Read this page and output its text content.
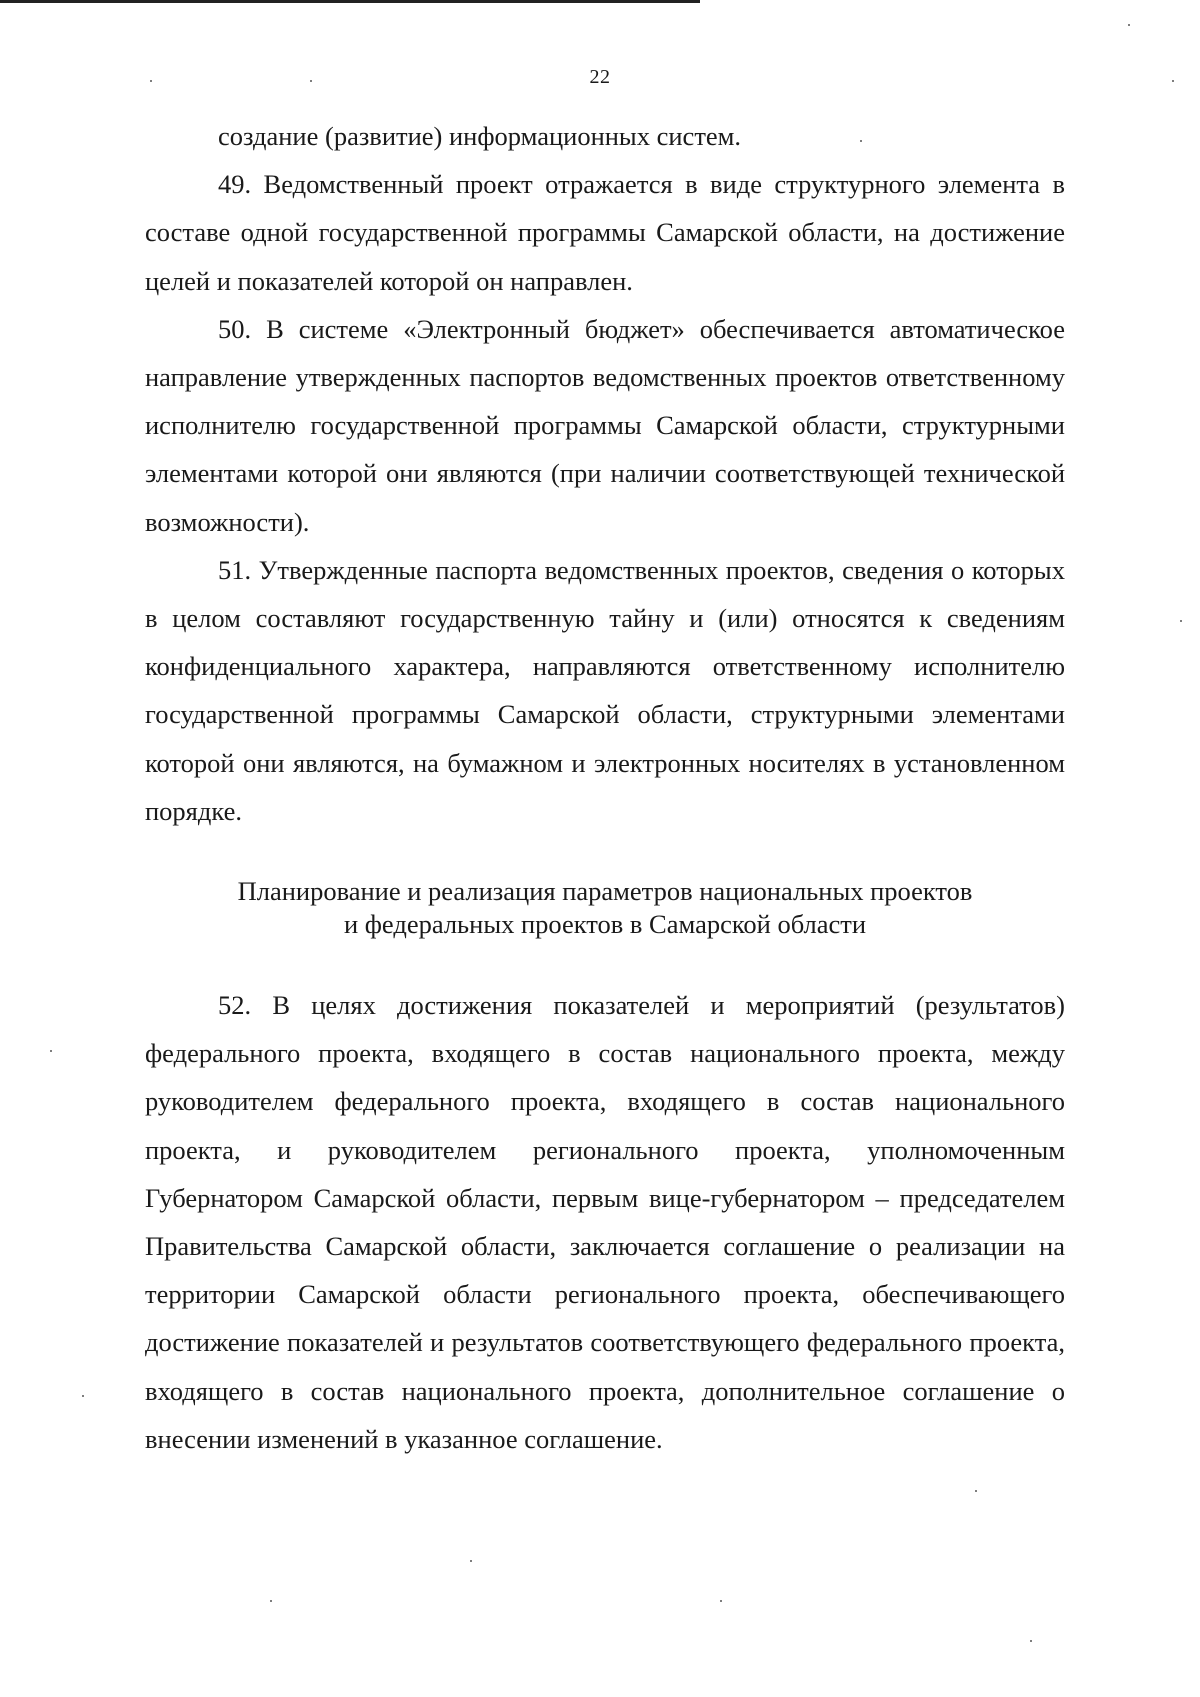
22

создание (развитие) информационных систем.

49. Ведомственный проект отражается в виде структурного элемента в составе одной государственной программы Самарской области, на достижение целей и показателей которой он направлен.

50. В системе «Электронный бюджет» обеспечивается автоматическое направление утвержденных паспортов ведомственных проектов ответственному исполнителю государственной программы Самарской области, структурными элементами которой они являются (при наличии соответствующей технической возможности).

51. Утвержденные паспорта ведомственных проектов, сведения о которых в целом составляют государственную тайну и (или) относятся к сведениям конфиденциального характера, направляются ответственному исполнителю государственной программы Самарской области, структурными элементами которой они являются, на бумажном и электронных носителях в установленном порядке.

Планирование и реализация параметров национальных проектов
и федеральных проектов в Самарской области

52. В целях достижения показателей и мероприятий (результатов) федерального проекта, входящего в состав национального проекта, между руководителем федерального проекта, входящего в состав национального проекта, и руководителем регионального проекта, уполномоченным Губернатором Самарской области, первым вице-губернатором – председателем Правительства Самарской области, заключается соглашение о реализации на территории Самарской области регионального проекта, обеспечивающего достижение показателей и результатов соответствующего федерального проекта, входящего в состав национального проекта, дополнительное соглашение о внесении изменений в указанное соглашение.
